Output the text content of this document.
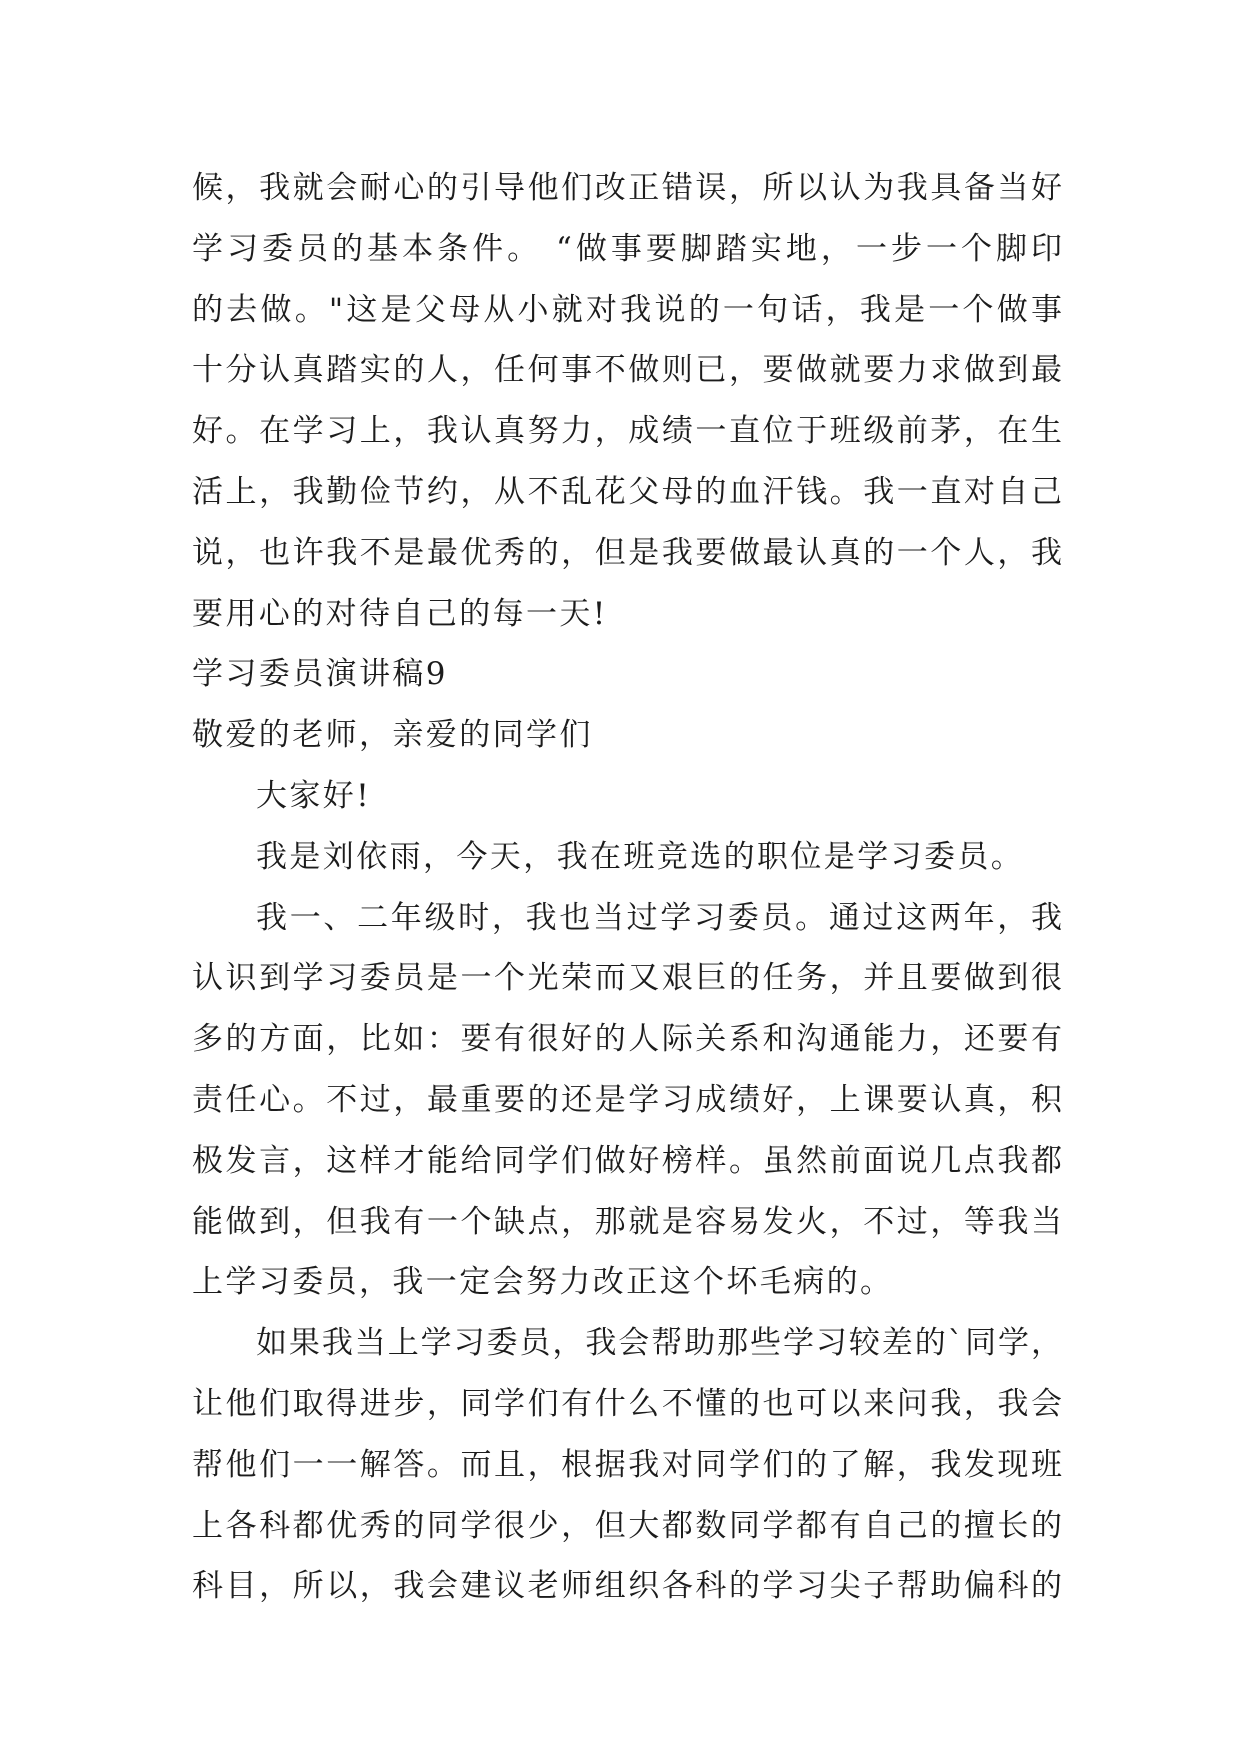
候，我就会耐心的引导他们改正错误，所以认为我具备当好
学习委员的基本条件。 “做事要脚踏实地，一步一个脚印
的去做。"这是父母从小就对我说的一句话，我是一个做事
十分认真踏实的人，任何事不做则已，要做就要力求做到最
好。在学习上，我认真努力，成绩一直位于班级前茅，在生
活上，我勤俭节约，从不乱花父母的血汗钱。我一直对自己
说，也许我不是最优秀的，但是我要做最认真的一个人，我
要用心的对待自己的每一天!
学习委员演讲稿9
敬爱的老师，亲爱的同学们
大家好!
我是刘依雨，今天，我在班竞选的职位是学习委员。
我一、二年级时，我也当过学习委员。通过这两年，我
认识到学习委员是一个光荣而又艰巨的任务，并且要做到很
多的方面，比如：要有很好的人际关系和沟通能力，还要有
责任心。不过，最重要的还是学习成绩好，上课要认真，积
极发言，这样才能给同学们做好榜样。虽然前面说几点我都
能做到，但我有一个缺点，那就是容易发火，不过，等我当
上学习委员，我一定会努力改正这个坏毛病的。
如果我当上学习委员，我会帮助那些学习较差的`同学，
让他们取得进步，同学们有什么不懂的也可以来问我，我会
帮他们一一解答。而且，根据我对同学们的了解，我发现班
上各科都优秀的同学很少，但大都数同学都有自己的擅长的
科目，所以，我会建议老师组织各科的学习尖子帮助偏科的
